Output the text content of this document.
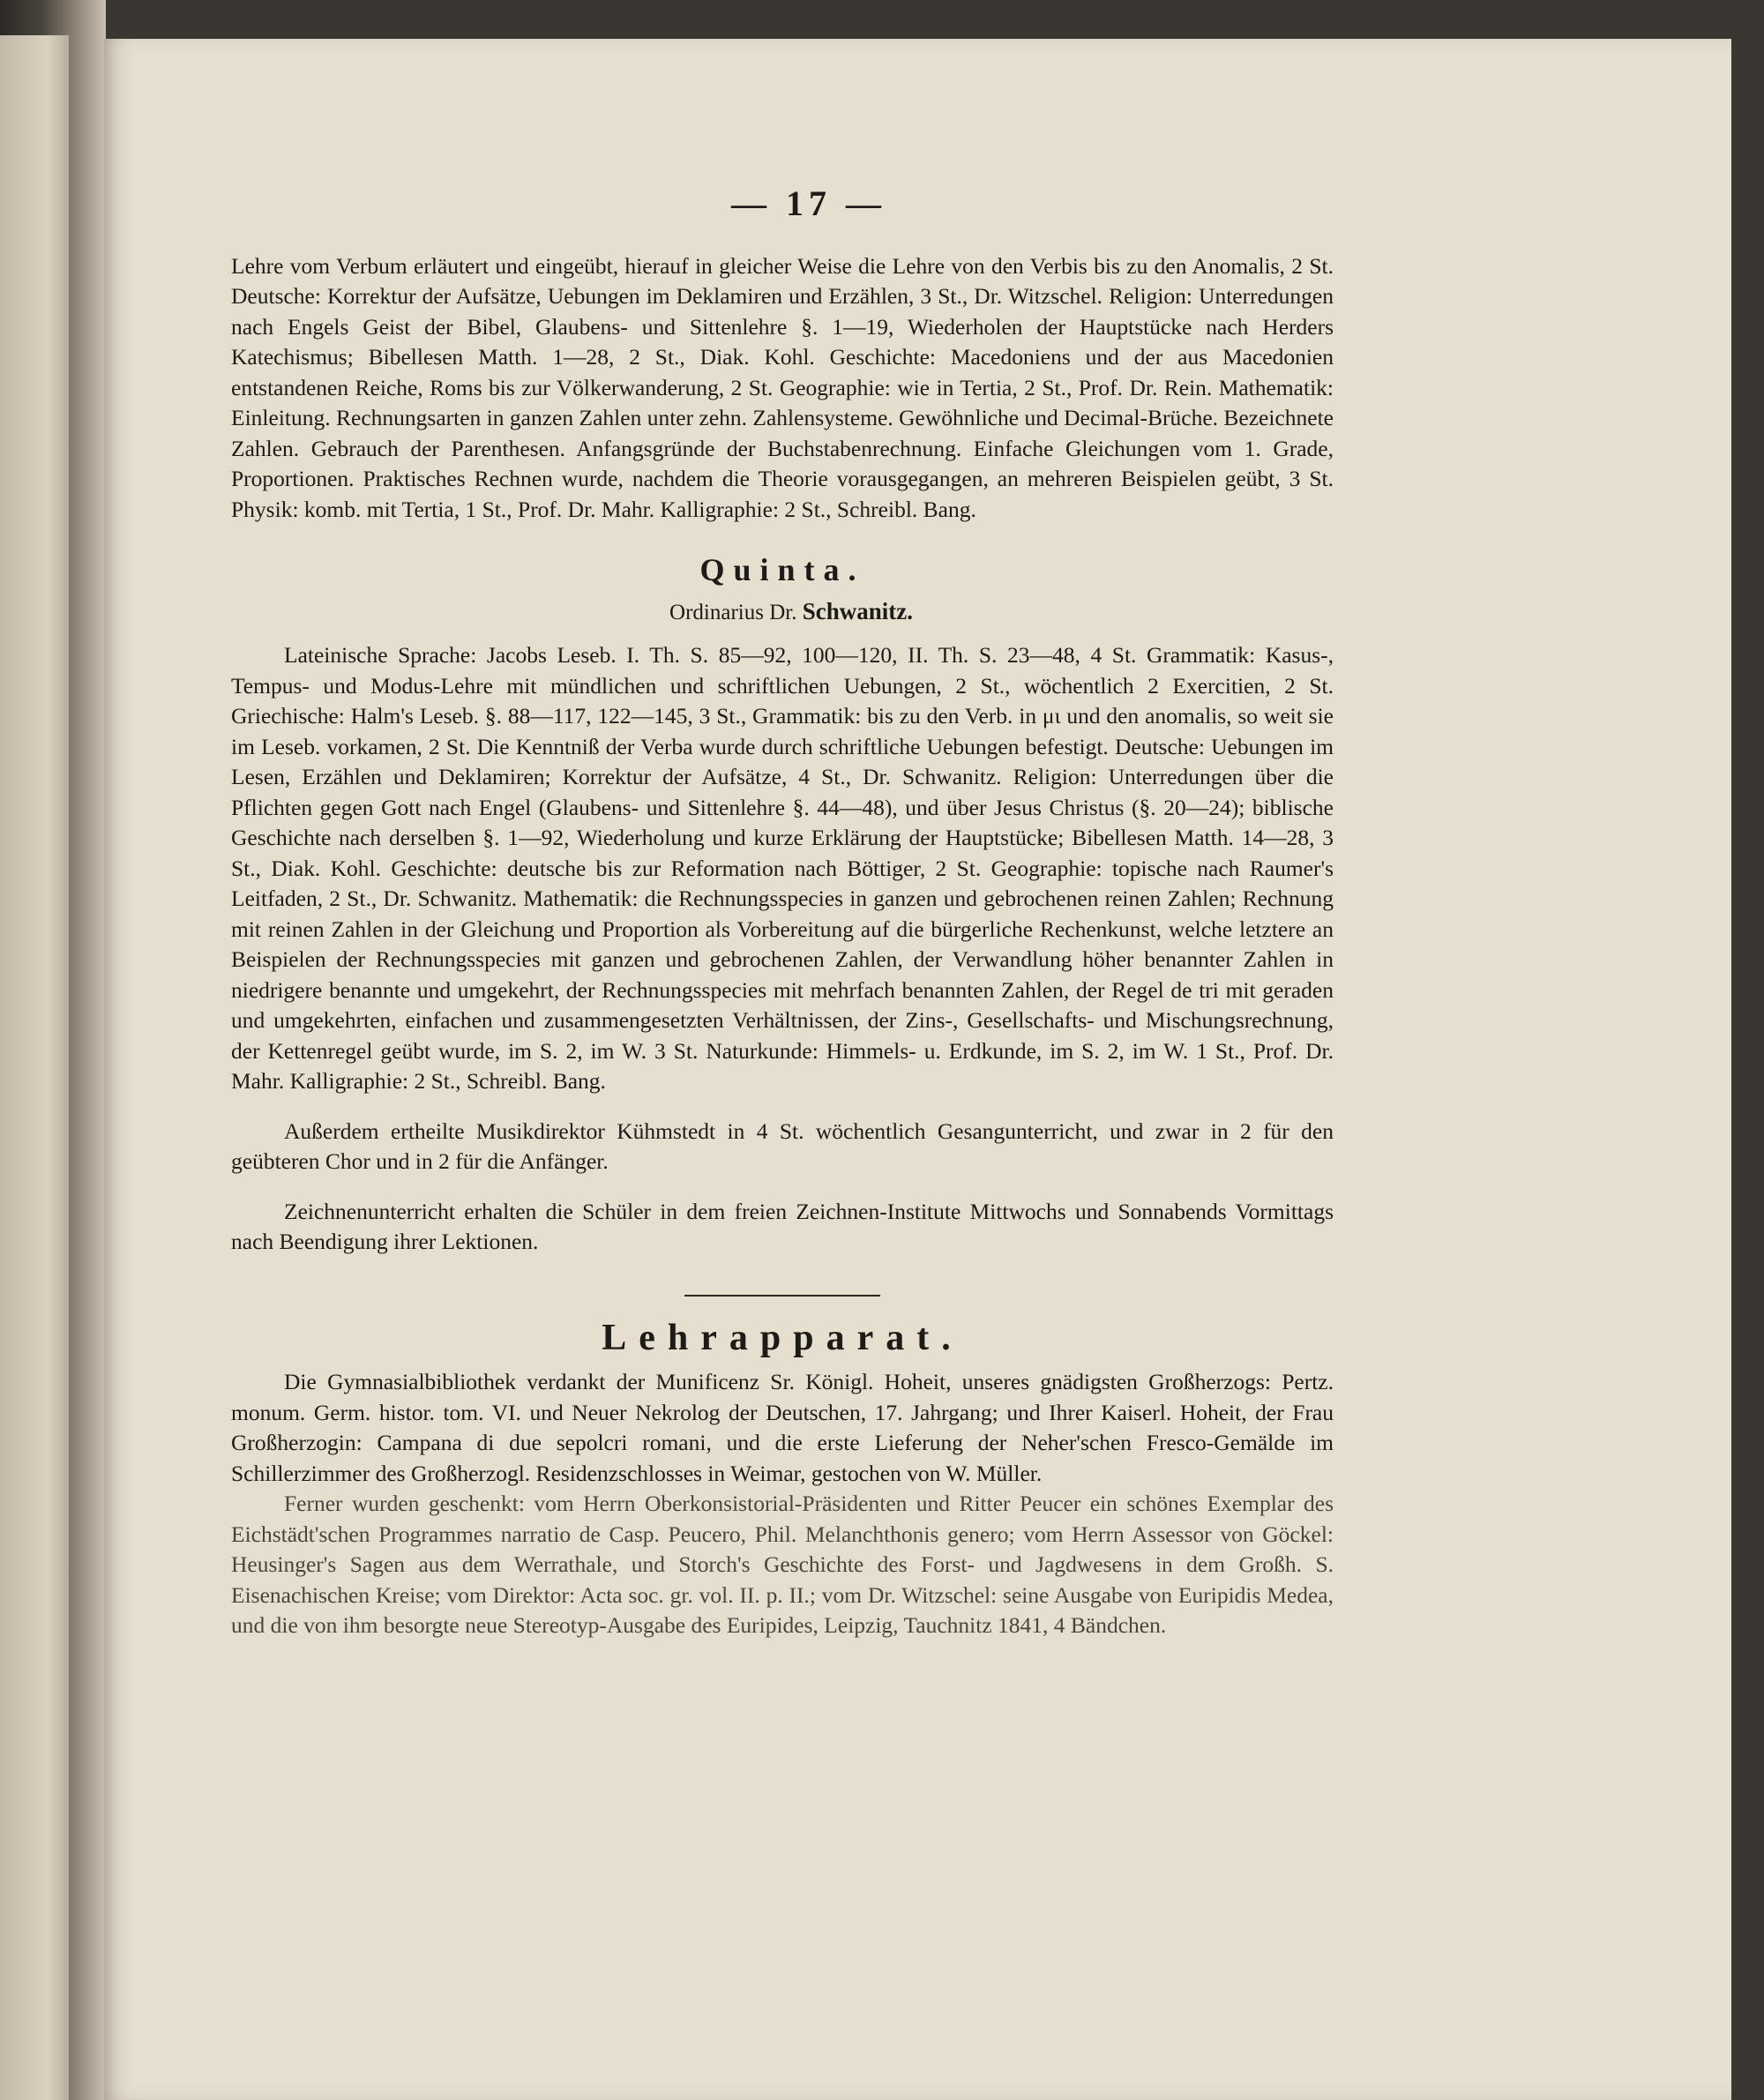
— 17 —

Lehre vom Verbum erläutert und eingeübt, hierauf in gleicher Weise die Lehre von den Verbis bis zu den Anomalis, 2 St. Deutsche: Korrektur der Aufsätze, Uebungen im Deklamiren und Erzählen, 3 St., Dr. Witzschel. Religion: Unterredungen nach Engels Geist der Bibel, Glaubens- und Sittenlehre §. 1—19, Wiederholen der Hauptstücke nach Herders Katechismus; Bibellesen Matth. 1—28, 2 St., Diak. Kohl. Geschichte: Macedoniens und der aus Macedonien entstandenen Reiche, Roms bis zur Völkerwanderung, 2 St. Geographie: wie in Tertia, 2 St., Prof. Dr. Rein. Mathematik: Einleitung. Rechnungsarten in ganzen Zahlen unter zehn. Zahlensysteme. Gewöhnliche und Decimal-Brüche. Bezeichnete Zahlen. Gebrauch der Parenthesen. Anfangsgründe der Buchstabenrechnung. Einfache Gleichungen vom 1. Grade, Proportionen. Praktisches Rechnen wurde, nachdem die Theorie vorausgegangen, an mehreren Beispielen geübt, 3 St. Physik: komb. mit Tertia, 1 St., Prof. Dr. Mahr. Kalligraphie: 2 St., Schreibl. Bang.

Quinta.
Ordinarius Dr. Schwanitz.

Lateinische Sprache: Jacobs Leseb. I. Th. S. 85—92, 100—120, II. Th. S. 23—48, 4 St. Grammatik: Kasus-, Tempus- und Modus-Lehre mit mündlichen und schriftlichen Uebungen, 2 St., wöchentlich 2 Exercitien, 2 St. Griechische: Halm's Leseb. §. 88—117, 122—145, 3 St., Grammatik: bis zu den Verb. in μι und den anomalis, so weit sie im Leseb. vorkamen, 2 St. Die Kenntniß der Verba wurde durch schriftliche Uebungen befestigt. Deutsche: Uebungen im Lesen, Erzählen und Deklamiren; Korrektur der Aufsätze, 4 St., Dr. Schwanitz. Religion: Unterredungen über die Pflichten gegen Gott nach Engel (Glaubens- und Sittenlehre §. 44—48), und über Jesus Christus (§. 20—24); biblische Geschichte nach derselben §. 1—92, Wiederholung und kurze Erklärung der Hauptstücke; Bibellesen Matth. 14—28, 3 St., Diak. Kohl. Geschichte: deutsche bis zur Reformation nach Böttiger, 2 St. Geographie: topische nach Raumer's Leitfaden, 2 St., Dr. Schwanitz. Mathematik: die Rechnungsspecies in ganzen und gebrochenen reinen Zahlen; Rechnung mit reinen Zahlen in der Gleichung und Proportion als Vorbereitung auf die bürgerliche Rechenkunst, welche letztere an Beispielen der Rechnungsspecies mit ganzen und gebrochenen Zahlen, der Verwandlung höher benannter Zahlen in niedrigere benannte und umgekehrt, der Rechnungsspecies mit mehrfach benannten Zahlen, der Regel de tri mit geraden und umgekehrten, einfachen und zusammengesetzten Verhältnissen, der Zins-, Gesellschafts- und Mischungsrechnung, der Kettenregel geübt wurde, im S. 2, im W. 3 St. Naturkunde: Himmels- u. Erdkunde, im S. 2, im W. 1 St., Prof. Dr. Mahr. Kalligraphie: 2 St., Schreibl. Bang.

Außerdem ertheilte Musikdirektor Kühmstedt in 4 St. wöchentlich Gesangunterricht, und zwar in 2 für den geübteren Chor und in 2 für die Anfänger.

Zeichnenunterricht erhalten die Schüler in dem freien Zeichnen-Institute Mittwochs und Sonnabends Vormittags nach Beendigung ihrer Lektionen.

Lehrapparat.

Die Gymnasialbibliothek verdankt der Munificenz Sr. Königl. Hoheit, unseres gnädigsten Großherzogs: Pertz. monum. Germ. histor. tom. VI. und Neuer Nekrolog der Deutschen, 17. Jahrgang; und Ihrer Kaiserl. Hoheit, der Frau Großherzogin: Campana di due sepolcri romani, und die erste Lieferung der Neher'schen Fresco-Gemälde im Schillerzimmer des Großherzogl. Residenzschlosses in Weimar, gestochen von W. Müller.

Ferner wurden geschenkt: vom Herrn Oberkonsistorial-Präsidenten und Ritter Peucer ein schönes Exemplar des Eichstädt'schen Programmes narratio de Casp. Peucero, Phil. Melanchthonis genero; vom Herrn Assessor von Göckel: Heusinger's Sagen aus dem Werrathale, und Storch's Geschichte des Forst- und Jagdwesens in dem Großh. S. Eisenachischen Kreise; vom Direktor: Acta soc. gr. vol. II. p. II.; vom Dr. Witzschel: seine Ausgabe von Euripidis Medea, und die von ihm besorgte neue Stereotyp-Ausgabe des Euripides, Leipzig, Tauchnitz 1841, 4 Bändchen.
